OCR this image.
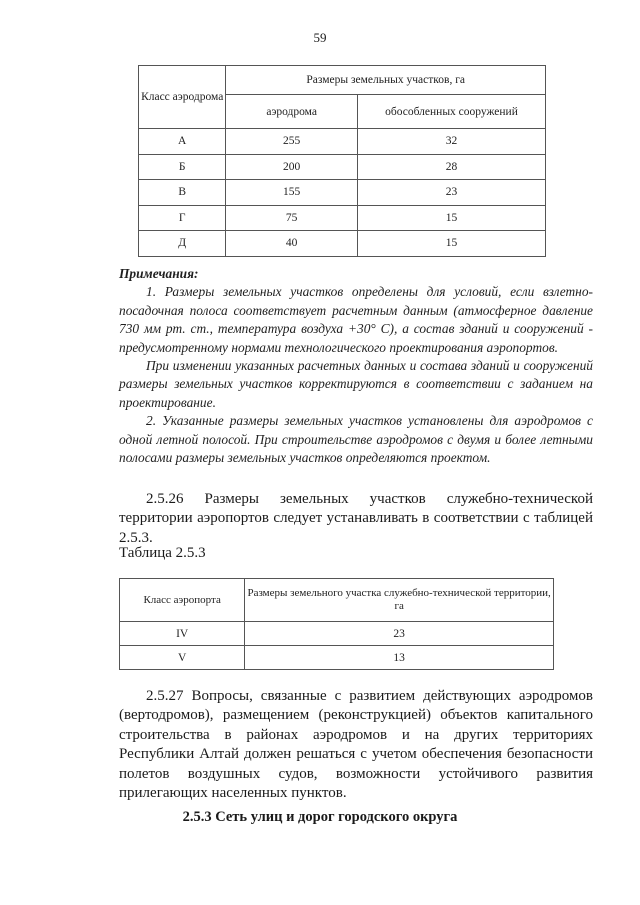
59
Класс аэродрома	Размеры земельных участков, га	
	аэродрома	обособленных сооружений
А	255	32
Б	200	28
В	155	23
Г	75	15
Д	40	15

Примечания:

1. Размеры земельных участков определены для условий, если взлетно-посадочная полоса соответствует расчетным данным (атмосферное давление 730 мм рт. ст., температура воздуха +30° С), а состав зданий и сооружений - предусмотренному нормами технологического проектирования аэропортов.

При изменении указанных расчетных данных и состава зданий и сооружений размеры земельных участков корректируются в соответствии с заданием на проектирование.

2. Указанные размеры земельных участков установлены для аэродромов с одной летной полосой. При строительстве аэродромов с двумя и более летными полосами размеры земельных участков определяются проектом.

2.5.26 Размеры земельных участков служебно-технической территории аэропортов следует устанавливать в соответствии с таблицей 2.5.3.

Таблица 2.5.3

Класс аэропорта	Размеры земельного участка служебно-технической территории, га
IV	23
V	13

2.5.27 Вопросы, связанные с развитием действующих аэродромов (вертодромов), размещением (реконструкцией) объектов капитального строительства в районах аэродромов и на других территориях Республики Алтай должен решаться с учетом обеспечения безопасности полетов воздушных судов, возможности устойчивого развития прилегающих населенных пунктов.

2.5.3 Сеть улиц и дорог городского округа
